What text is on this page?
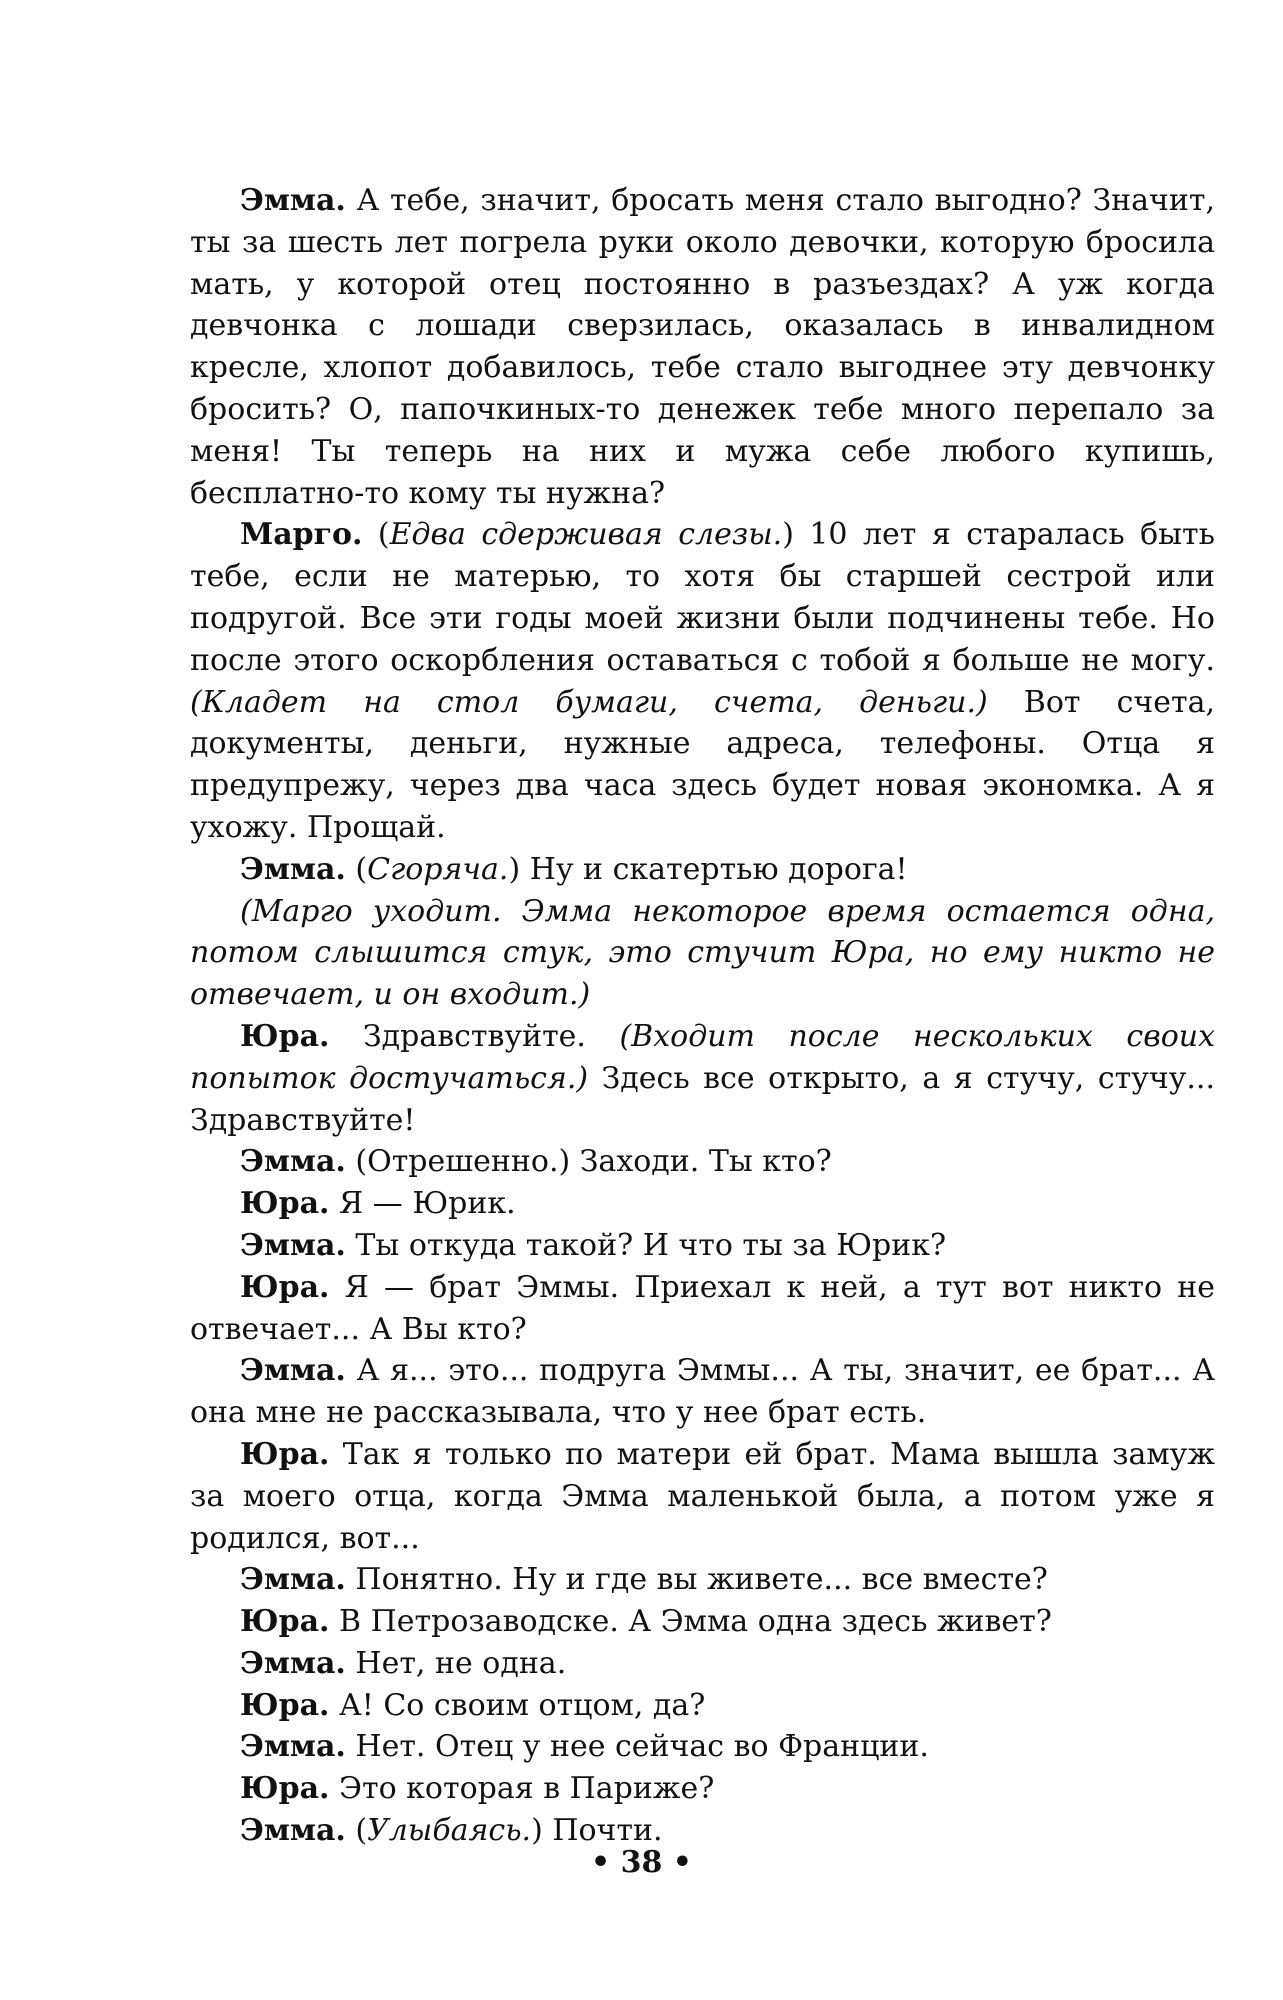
Эмма. А тебе, значит, бросать меня стало выгодно? Значит, ты за шесть лет погрела руки около девочки, которую бросила мать, у которой отец постоянно в разъездах? А уж когда девчонка с лошади сверзилась, оказалась в инвалидном кресле, хлопот добавилось, тебе стало выгоднее эту девчонку бросить? О, папочкиных-то денежек тебе много перепало за меня! Ты теперь на них и мужа себе любого купишь, бесплатно-то кому ты нужна?

Марго. (Едва сдерживая слезы.) 10 лет я старалась быть тебе, если не матерью, то хотя бы старшей сестрой или подругой. Все эти годы моей жизни были подчинены тебе. Но после этого оскорбления оставаться с тобой я больше не могу. (Кладет на стол бумаги, счета, деньги.) Вот счета, документы, деньги, нужные адреса, телефоны. Отца я предупрежу, через два часа здесь будет новая экономка. А я ухожу. Прощай.

Эмма. (Сгоряча.) Ну и скатертью дорога!

(Марго уходит. Эмма некоторое время остается одна, потом слышится стук, это стучит Юра, но ему никто не отвечает, и он входит.)

Юра. Здравствуйте. (Входит после нескольких своих попыток достучаться.) Здесь все открыто, а я стучу, стучу... Здравствуйте!

Эмма. (Отрешенно.) Заходи. Ты кто?

Юра. Я — Юрик.

Эмма. Ты откуда такой? И что ты за Юрик?

Юра. Я — брат Эммы. Приехал к ней, а тут вот никто не отвечает... А Вы кто?

Эмма. А я... это... подруга Эммы... А ты, значит, ее брат... А она мне не рассказывала, что у нее брат есть.

Юра. Так я только по матери ей брат. Мама вышла замуж за моего отца, когда Эмма маленькой была, а потом уже я родился, вот...

Эмма. Понятно. Ну и где вы живете... все вместе?

Юра. В Петрозаводске. А Эмма одна здесь живет?

Эмма. Нет, не одна.

Юра. А! Со своим отцом, да?

Эмма. Нет. Отец у нее сейчас во Франции.

Юра. Это которая в Париже?

Эмма. (Улыбаясь.) Почти.

• 38 •
